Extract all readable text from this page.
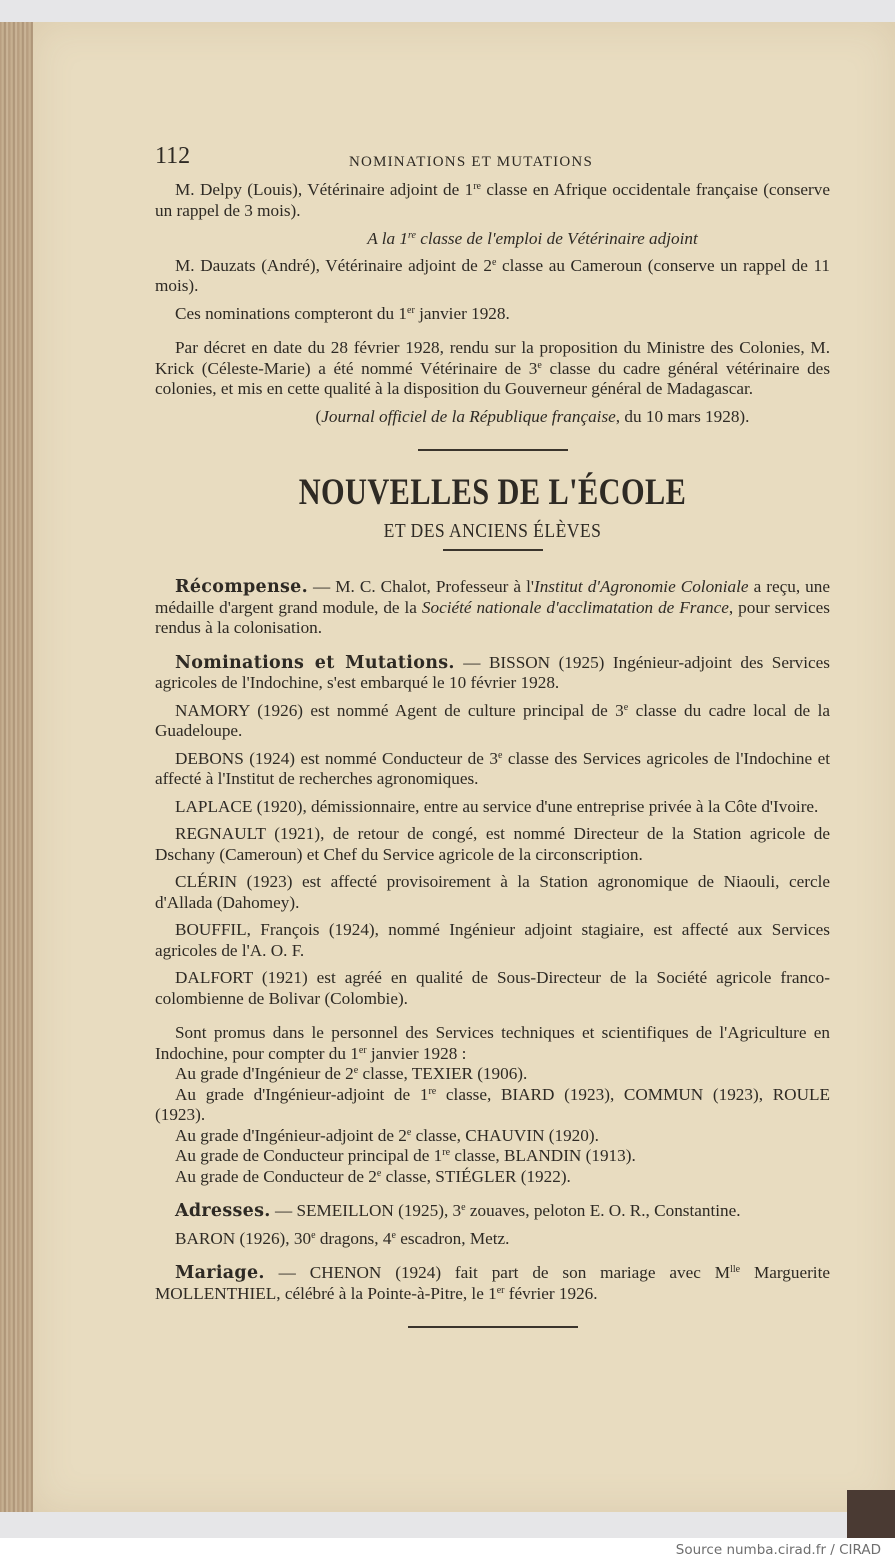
112	NOMINATIONS ET MUTATIONS

M. Delpy (Louis), Vétérinaire adjoint de 1re classe en Afrique occidentale française (conserve un rappel de 3 mois).

A la 1re classe de l'emploi de Vétérinaire adjoint

M. Dauzats (André), Vétérinaire adjoint de 2e classe au Cameroun (conserve un rappel de 11 mois).

Ces nominations compteront du 1er janvier 1928.

Par décret en date du 28 février 1928, rendu sur la proposition du Ministre des Colonies, M. Krick (Céleste-Marie) a été nommé Vétérinaire de 3e classe du cadre général vétérinaire des colonies, et mis en cette qualité à la disposition du Gouverneur général de Madagascar.

(Journal officiel de la République française, du 10 mars 1928).
NOUVELLES DE L'ÉCOLE
ET DES ANCIENS ÉLÈVES

Récompense. — M. C. Chalot, Professeur à l'Institut d'Agronomie Coloniale a reçu, une médaille d'argent grand module, de la Société nationale d'acclimatation de France, pour services rendus à la colonisation.

Nominations et Mutations. — BISSON (1925) Ingénieur-adjoint des Services agricoles de l'Indochine, s'est embarqué le 10 février 1928.

NAMORY (1926) est nommé Agent de culture principal de 3e classe du cadre local de la Guadeloupe.

DEBONS (1924) est nommé Conducteur de 3e classe des Services agricoles de l'Indochine et affecté à l'Institut de recherches agronomiques.

LAPLACE (1920), démissionnaire, entre au service d'une entreprise privée à la Côte d'Ivoire.

REGNAULT (1921), de retour de congé, est nommé Directeur de la Station agricole de Dschany (Cameroun) et Chef du Service agricole de la circonscription.

CLÉRIN (1923) est affecté provisoirement à la Station agronomique de Niaouli, cercle d'Allada (Dahomey).

BOUFFIL, François (1924), nommé Ingénieur adjoint stagiaire, est affecté aux Services agricoles de l'A. O. F.

DALFORT (1921) est agréé en qualité de Sous-Directeur de la Société agricole franco-colombienne de Bolivar (Colombie).

Sont promus dans le personnel des Services techniques et scientifiques de l'Agriculture en Indochine, pour compter du 1er janvier 1928 :

Au grade d'Ingénieur de 2e classe, TEXIER (1906).

Au grade d'Ingénieur-adjoint de 1re classe, BIARD (1923), COMMUN (1923), ROULE (1923).

Au grade d'Ingénieur-adjoint de 2e classe, CHAUVIN (1920).

Au grade de Conducteur principal de 1re classe, BLANDIN (1913).

Au grade de Conducteur de 2e classe, STIÉGLER (1922).

Adresses. — SEMEILLON (1925), 3e zouaves, peloton E. O. R., Constantine.

BARON (1926), 30e dragons, 4e escadron, Metz.

Mariage. — CHENON (1924) fait part de son mariage avec $M^{lle}$ Marguerite MOLLENTHIEL, célébré à la Pointe-à-Pitre, le 1er février 1926.

Source numba.cirad.fr / CIRAD
